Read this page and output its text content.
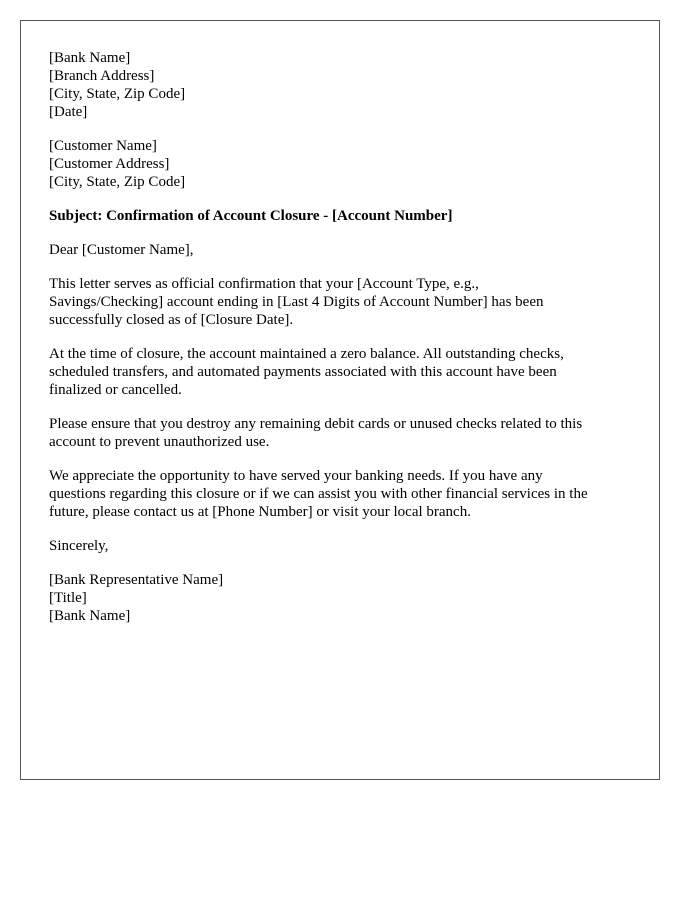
[Bank Name]
[Branch Address]
[City, State, Zip Code]
[Date]
[Customer Name]
[Customer Address]
[City, State, Zip Code]
Subject: Confirmation of Account Closure - [Account Number]
Dear [Customer Name],
This letter serves as official confirmation that your [Account Type, e.g.,
Savings/Checking] account ending in [Last 4 Digits of Account Number] has been
successfully closed as of [Closure Date].
At the time of closure, the account maintained a zero balance. All outstanding checks,
scheduled transfers, and automated payments associated with this account have been
finalized or cancelled.
Please ensure that you destroy any remaining debit cards or unused checks related to this
account to prevent unauthorized use.
We appreciate the opportunity to have served your banking needs. If you have any
questions regarding this closure or if we can assist you with other financial services in the
future, please contact us at [Phone Number] or visit your local branch.
Sincerely,
[Bank Representative Name]
[Title]
[Bank Name]
